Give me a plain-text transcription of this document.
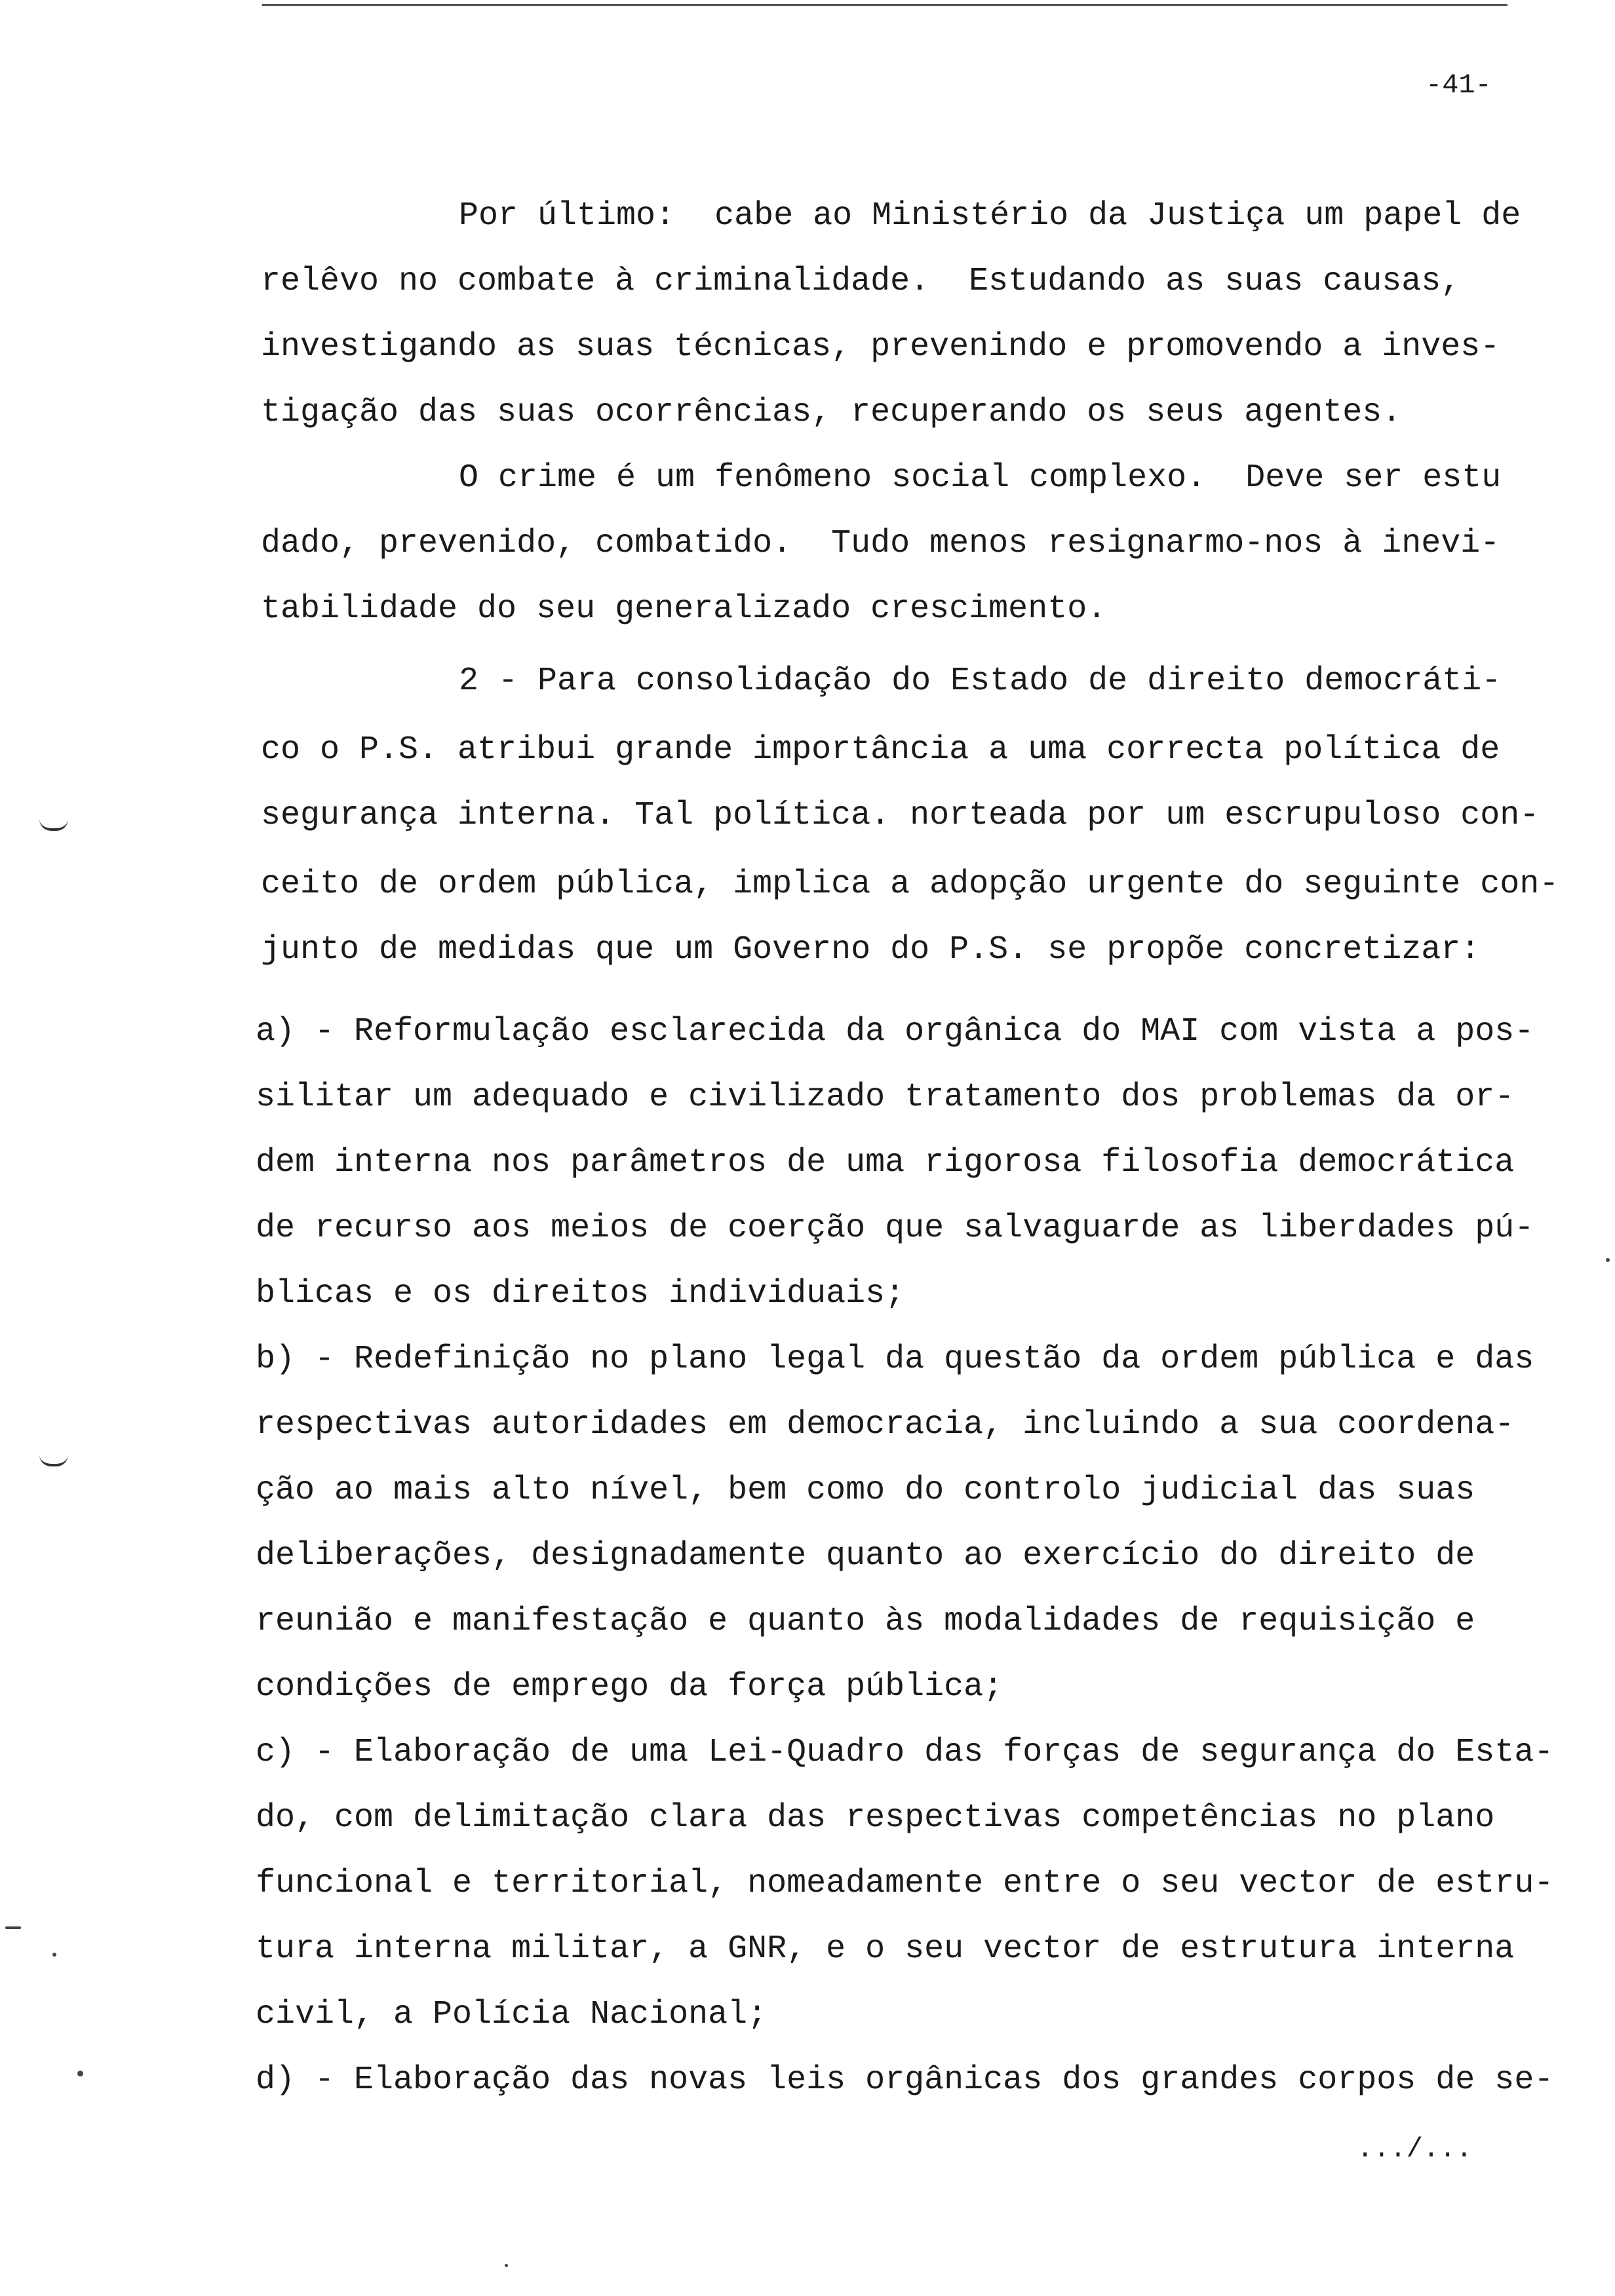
-41-
Por último:  cabe ao Ministério da Justiça um papel de
relêvo no combate à criminalidade.  Estudando as suas causas,
investigando as suas técnicas, prevenindo e promovendo a inves-
tigação das suas ocorrências, recuperando os seus agentes.
O crime é um fenômeno social complexo.  Deve ser estu
dado, prevenido, combatido.  Tudo menos resignarmo-nos à inevi-
tabilidade do seu generalizado crescimento.
2 - Para consolidação do Estado de direito democráti-
co o P.S. atribui grande importância a uma correcta política de
segurança interna. Tal política. norteada por um escrupuloso con-
ceito de ordem pública, implica a adopção urgente do seguinte con-
junto de medidas que um Governo do P.S. se propõe concretizar:
a) - Reformulação esclarecida da orgânica do MAI com vista a pos-
silitar um adequado e civilizado tratamento dos problemas da or-
dem interna nos parâmetros de uma rigorosa filosofia democrática
de recurso aos meios de coerção que salvaguarde as liberdades pú-
blicas e os direitos individuais;
b) - Redefinição no plano legal da questão da ordem pública e das
respectivas autoridades em democracia, incluindo a sua coordena-
ção ao mais alto nível, bem como do controlo judicial das suas
deliberações, designadamente quanto ao exercício do direito de
reunião e manifestação e quanto às modalidades de requisição e
condições de emprego da força pública;
c) - Elaboração de uma Lei-Quadro das forças de segurança do Esta-
do, com delimitação clara das respectivas competências no plano
funcional e territorial, nomeadamente entre o seu vector de estru-
tura interna militar, a GNR, e o seu vector de estrutura interna
civil, a Polícia Nacional;
d) - Elaboração das novas leis orgânicas dos grandes corpos de se-
.../...
